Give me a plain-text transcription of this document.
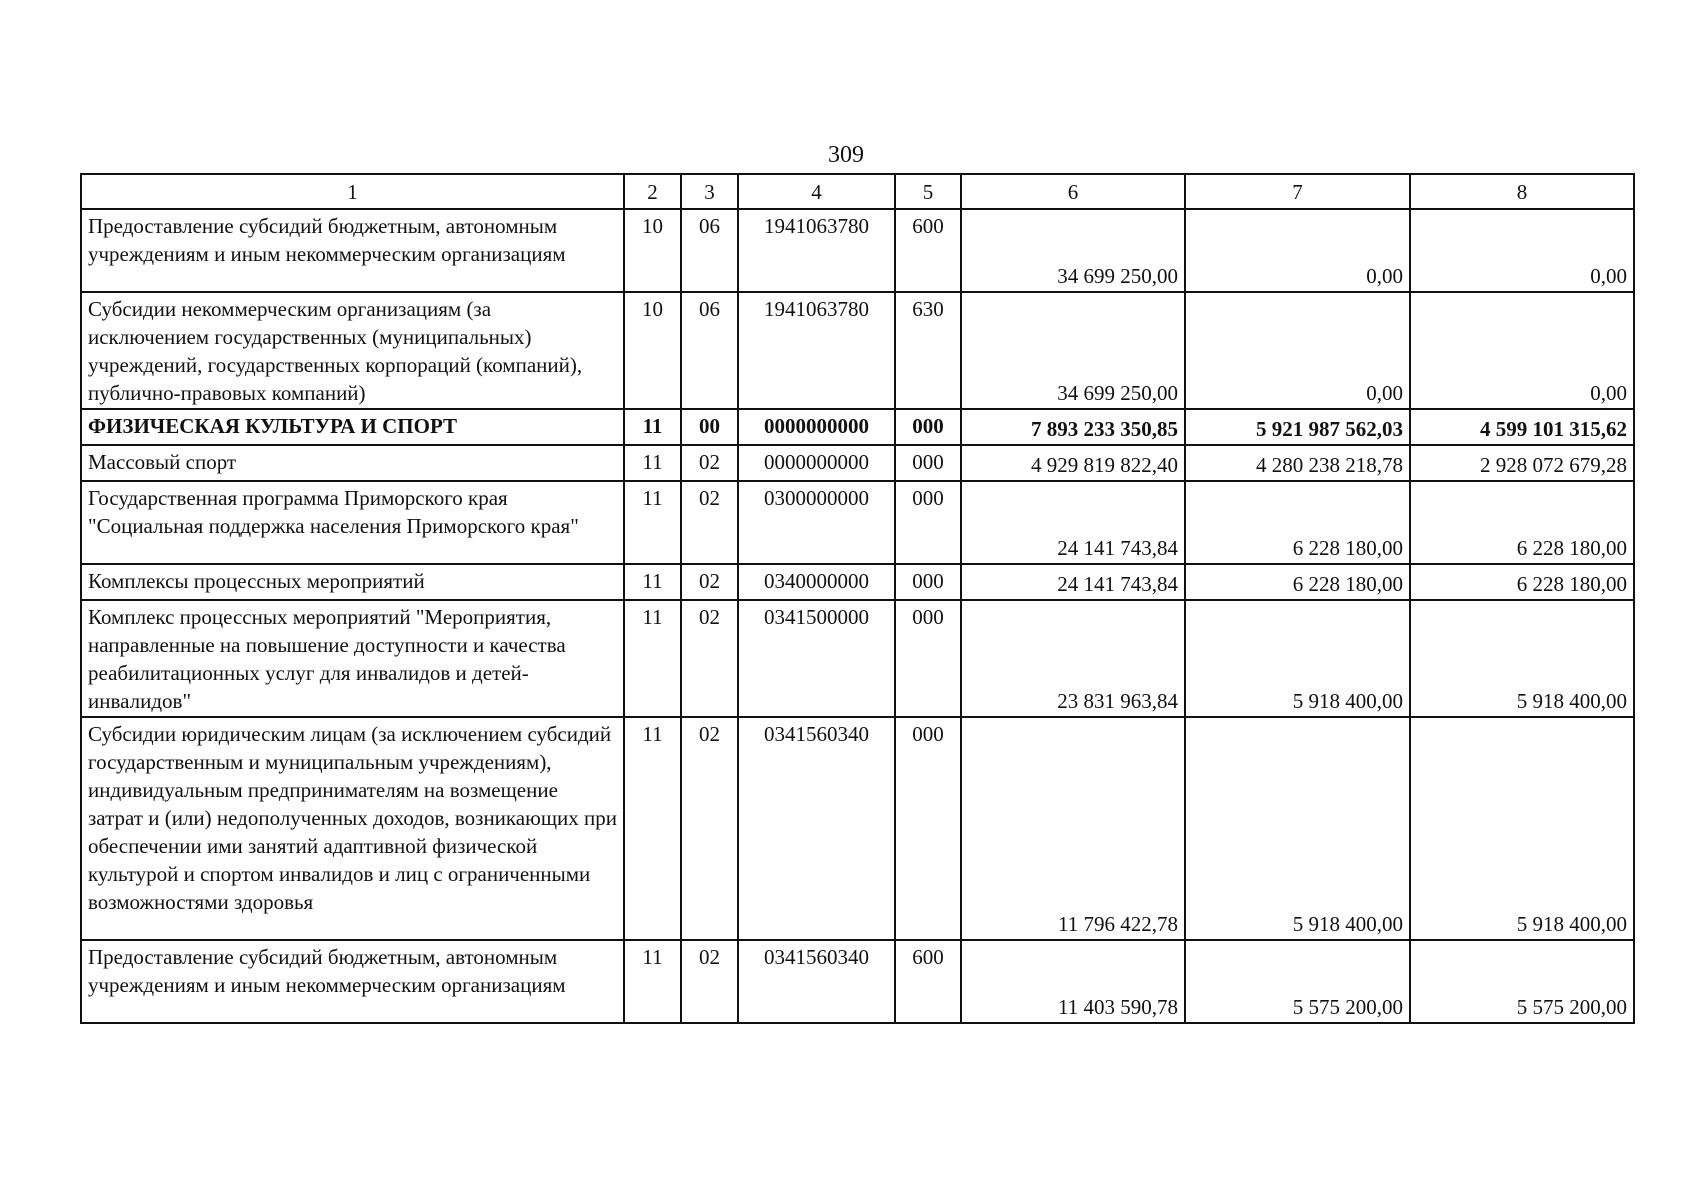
309
1	2	3	4	5	6	7	8
Предоставление субсидий бюджетным, автономным учреждениям и иным некоммерческим организациям	10	06	1941063780	600	34 699 250,00	0,00	0,00
Субсидии некоммерческим организациям (за исключением государственных (муниципальных) учреждений, государственных корпораций (компаний), публично-правовых компаний)	10	06	1941063780	630	34 699 250,00	0,00	0,00
ФИЗИЧЕСКАЯ КУЛЬТУРА И СПОРТ	11	00	0000000000	000	7 893 233 350,85	5 921 987 562,03	4 599 101 315,62
Массовый спорт	11	02	0000000000	000	4 929 819 822,40	4 280 238 218,78	2 928 072 679,28
Государственная программа Приморского края "Социальная поддержка населения Приморского края"	11	02	0300000000	000	24 141 743,84	6 228 180,00	6 228 180,00
Комплексы процессных мероприятий	11	02	0340000000	000	24 141 743,84	6 228 180,00	6 228 180,00
Комплекс процессных мероприятий "Мероприятия, направленные на повышение доступности и качества реабилитационных услуг для инвалидов и детей-инвалидов"	11	02	0341500000	000	23 831 963,84	5 918 400,00	5 918 400,00
Субсидии юридическим лицам (за исключением субсидий государственным и муниципальным учреждениям), индивидуальным предпринимателям на возмещение затрат и (или) недополученных доходов, возникающих при обеспечении ими занятий адаптивной физической культурой и спортом инвалидов и лиц с ограниченными возможностями здоровья	11	02	0341560340	000	11 796 422,78	5 918 400,00	5 918 400,00
Предоставление субсидий бюджетным, автономным учреждениям и иным некоммерческим организациям	11	02	0341560340	600	11 403 590,78	5 575 200,00	5 575 200,00
